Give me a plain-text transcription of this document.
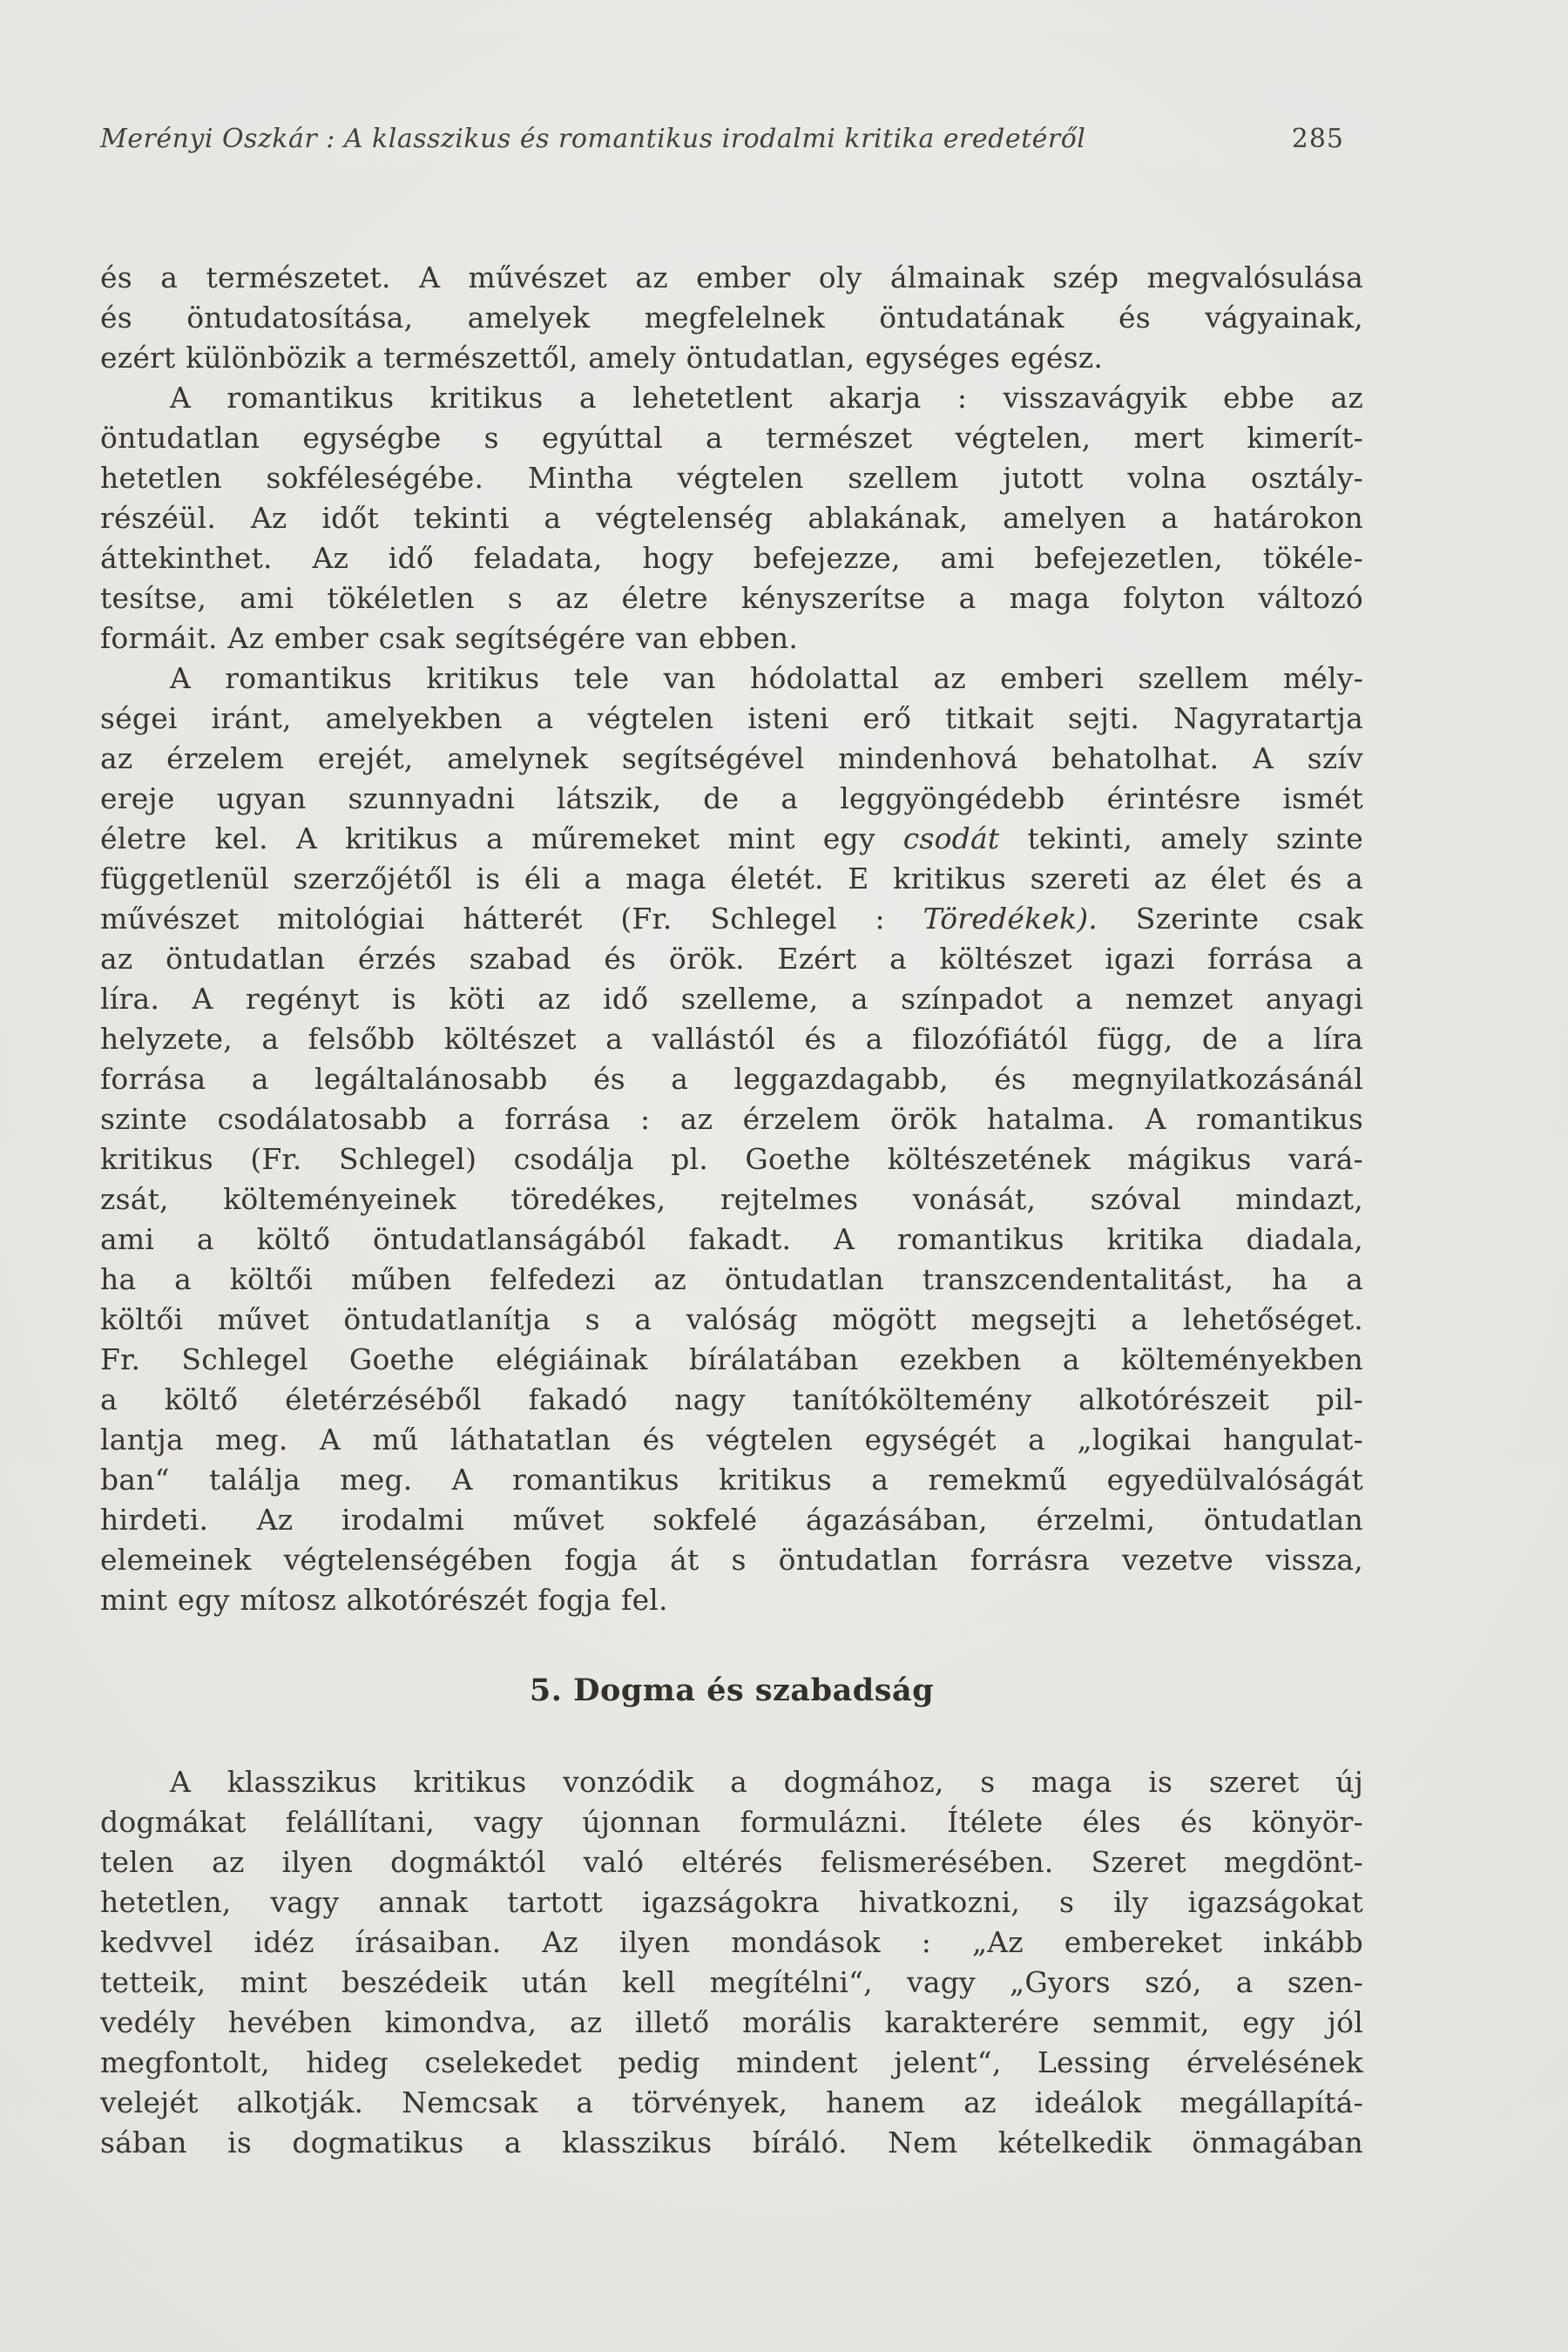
Merényi Oszkár : A klasszikus és romantikus irodalmi kritika eredetéről	285
és a természetet. A művészet az ember oly álmainak szép megvalósulása
és öntudatosítása, amelyek megfelelnek öntudatának és vágyainak,
ezért különbözik a természettől, amely öntudatlan, egységes egész.
A romantikus kritikus a lehetetlent akarja : visszavágyik ebbe az
öntudatlan egységbe s egyúttal a természet végtelen, mert kimerít-
hetetlen sokféleségébe. Mintha végtelen szellem jutott volna osztály-
részéül. Az időt tekinti a végtelenség ablakának, amelyen a határokon
áttekinthet. Az idő feladata, hogy befejezze, ami befejezetlen, tökéle-
tesítse, ami tökéletlen s az életre kényszerítse a maga folyton változó
formáit. Az ember csak segítségére van ebben.
A romantikus kritikus tele van hódolattal az emberi szellem mély-
ségei iránt, amelyekben a végtelen isteni erő titkait sejti. Nagyratartja
az érzelem erejét, amelynek segítségével mindenhová behatolhat. A szív
ereje ugyan szunnyadni látszik, de a leggyöngédebb érintésre ismét
életre kel. A kritikus a műremeket mint egy csodát tekinti, amely szinte
függetlenül szerzőjétől is éli a maga életét. E kritikus szereti az élet és a
művészet mitológiai hátterét (Fr. Schlegel : Töredékek). Szerinte csak
az öntudatlan érzés szabad és örök. Ezért a költészet igazi forrása a
líra. A regényt is köti az idő szelleme, a színpadot a nemzet anyagi
helyzete, a felsőbb költészet a vallástól és a filozófiától függ, de a líra
forrása a legáltalánosabb és a leggazdagabb, és megnyilatkozásánál
szinte csodálatosabb a forrása : az érzelem örök hatalma. A romantikus
kritikus (Fr. Schlegel) csodálja pl. Goethe költészetének mágikus vará-
zsát, költeményeinek töredékes, rejtelmes vonását, szóval mindazt,
ami a költő öntudatlanságából fakadt. A romantikus kritika diadala,
ha a költői műben felfedezi az öntudatlan transzcendentalitást, ha a
költői művet öntudatlanítja s a valóság mögött megsejti a lehetőséget.
Fr. Schlegel Goethe elégiáinak bírálatában ezekben a költeményekben
a költő életérzéséből fakadó nagy tanítóköltemény alkotórészeit pil-
lantja meg. A mű láthatatlan és végtelen egységét a „logikai hangulat-
ban“ találja meg. A romantikus kritikus a remekmű egyedülvalóságát
hirdeti. Az irodalmi művet sokfelé ágazásában, érzelmi, öntudatlan
elemeinek végtelenségében fogja át s öntudatlan forrásra vezetve vissza,
mint egy mítosz alkotórészét fogja fel.
5. Dogma és szabadság
A klasszikus kritikus vonzódik a dogmához, s maga is szeret új
dogmákat felállítani, vagy újonnan formulázni. Ítélete éles és könyör-
telen az ilyen dogmáktól való eltérés felismerésében. Szeret megdönt-
hetetlen, vagy annak tartott igazságokra hivatkozni, s ily igazságokat
kedvvel idéz írásaiban. Az ilyen mondások : „Az embereket inkább
tetteik, mint beszédeik után kell megítélni“, vagy „Gyors szó, a szen-
vedély hevében kimondva, az illető morális karakterére semmit, egy jól
megfontolt, hideg cselekedet pedig mindent jelent“, Lessing érvelésének
velejét alkotják. Nemcsak a törvények, hanem az ideálok megállapítá-
sában is dogmatikus a klasszikus bíráló. Nem kételkedik önmagában
